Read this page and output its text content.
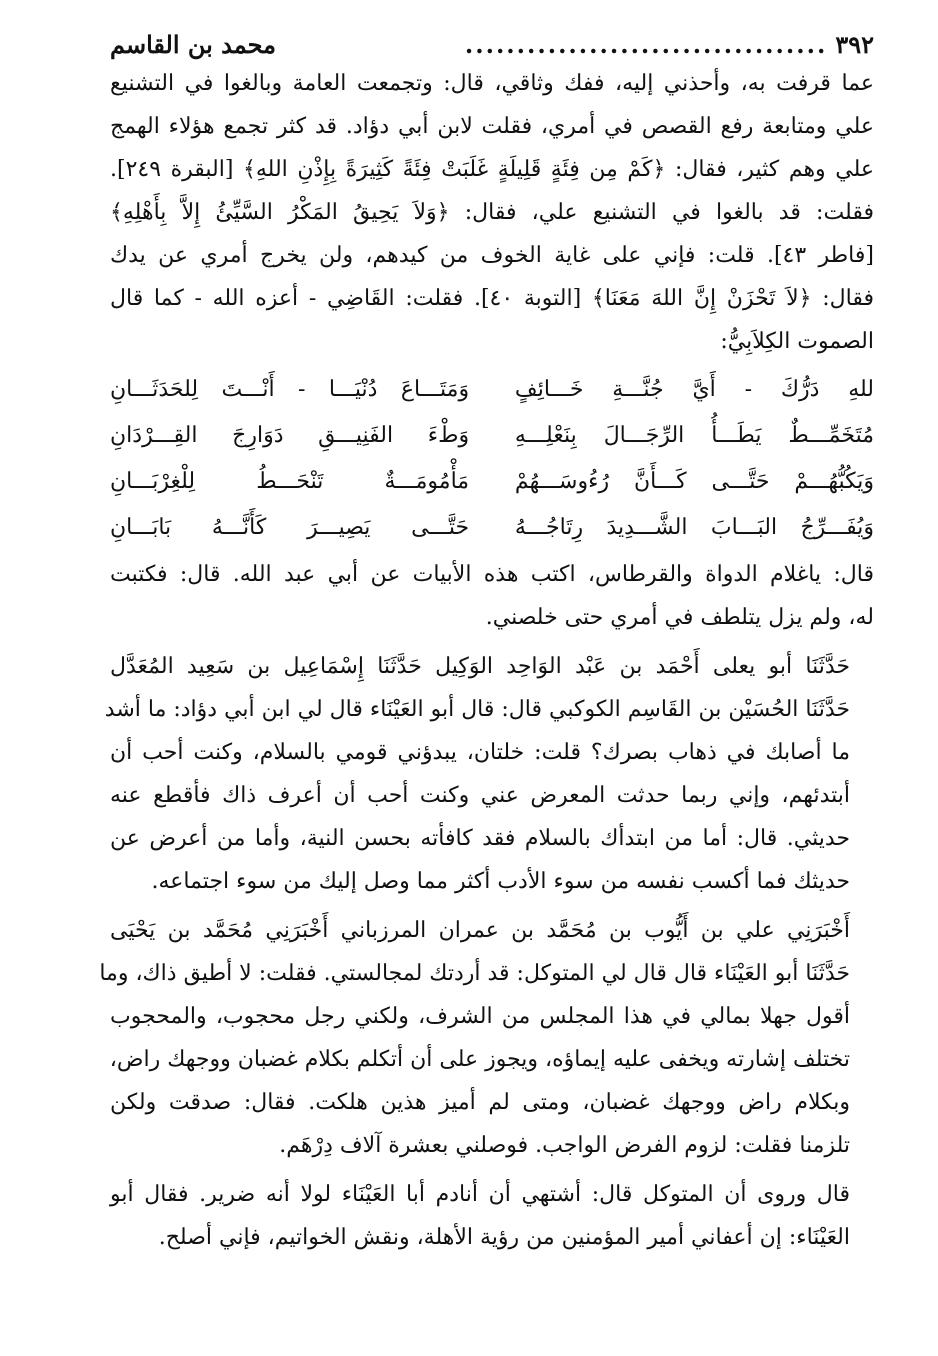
٣٩٢
...................................
محمد بن القاسم
عما قرفت به، وأحذني إليه، ففك وثاقي، قال: وتجمعت العامة وبالغوا في التشنيع
علي ومتابعة رفع القصص في أمري، فقلت لابن أبي دؤاد. قد كثر تجمع هؤلاء الهمج
علي وهم كثير، فقال: ﴿كَمْ مِن فِئَةٍ قَلِيلَةٍ غَلَبَتْ فِئَةً كَثِيرَةً بِإِذْنِ اللهِ﴾ [البقرة ٢٤٩].
فقلت: قد بالغوا في التشنيع علي، فقال: ﴿وَلاَ يَحِيقُ المَكْرُ السَّيِّئُ إِلاَّ بِأَهْلِهِ﴾
[فاطر ٤٣]. قلت: فإني على غاية الخوف من كيدهم، ولن يخرج أمري عن يدك
فقال: ﴿لاَ تَحْزَنْ إِنَّ اللهَ مَعَنَا﴾ [التوبة ٤٠]. فقلت: القَاضِي - أعزه الله - كما قال
الصموت الكِلاَبِيُّ:
للهِ دَرُّكَ - أَيَّ جُنَّـــةِ خَـــائِفٍ
وَمَتَـــاعَ دُنْيَـــا - أَنْـــتَ لِلحَدَثَـــانِ
مُتَخَمِّـــطٌ يَطَـــأُ الرِّجَـــالَ بِنَعْلِـــهِ
وَطْءَ الفَنِيـــقِ دَوَارِجَ القِـــرْدَانِ
وَيَكُبُّهُـــمْ حَتَّـــى كَـــأَنَّ رُءُوسَـــهُمْ
مَأْمُومَـــةٌ تَنْحَـــطُ لِلْغِرْبَـــانِ
وَيُفَـــرِّجُ البَـــابَ الشَّـــدِيدَ رِتَاجُـــهُ
حَتَّـــى يَصِيـــرَ كَأَنَّـــهُ بَابَـــانِ
قال: ياغلام الدواة والقرطاس، اكتب هذه الأبيات عن أبي عبد الله. قال: فكتبت
له، ولم يزل يتلطف في أمري حتى خلصني.
حَدَّثَنَا أبو يعلى أَحْمَد بن عَبْد الوَاحِد الوَكِيل حَدَّثَنَا إِسْمَاعِيل بن سَعِيد المُعَدَّل
حَدَّثَنَا الحُسَيْن بن القَاسِم الكوكبي قال: قال أبو العَيْنَاء قال لي ابن أبي دؤاد: ما أشد
ما أصابك في ذهاب بصرك؟ قلت: خلتان، يبدؤني قومي بالسلام، وكنت أحب أن
أبتدئهم، وإني ربما حدثت المعرض عني وكنت أحب أن أعرف ذاك فأقطع عنه
حديثي. قال: أما من ابتدأك بالسلام فقد كافأته بحسن النية، وأما من أعرض عن
حديثك فما أكسب نفسه من سوء الأدب أكثر مما وصل إليك من سوء اجتماعه.
أَخْبَرَنِي علي بن أَيُّوب بن مُحَمَّد بن عمران المرزباني أَخْبَرَنِي مُحَمَّد بن يَحْيَى
حَدَّثَنَا أبو العَيْنَاء قال قال لي المتوكل: قد أردتك لمجالستي. فقلت: لا أطيق ذاك، وما
أقول جهلا بمالي في هذا المجلس من الشرف، ولكني رجل محجوب، والمحجوب
تختلف إشارته ويخفى عليه إيماؤه، ويجوز على أن أتكلم بكلام غضبان ووجهك راض،
وبكلام راض ووجهك غضبان، ومتى لم أميز هذين هلكت. فقال: صدقت ولكن
تلزمنا فقلت: لزوم الفرض الواجب. فوصلني بعشرة آلاف دِرْهَم.
قال وروى أن المتوكل قال: أشتهي أن أنادم أبا العَيْنَاء لولا أنه ضرير. فقال أبو
العَيْنَاء: إن أعفاني أمير المؤمنين من رؤية الأهلة، ونقش الخواتيم، فإني أصلح.
